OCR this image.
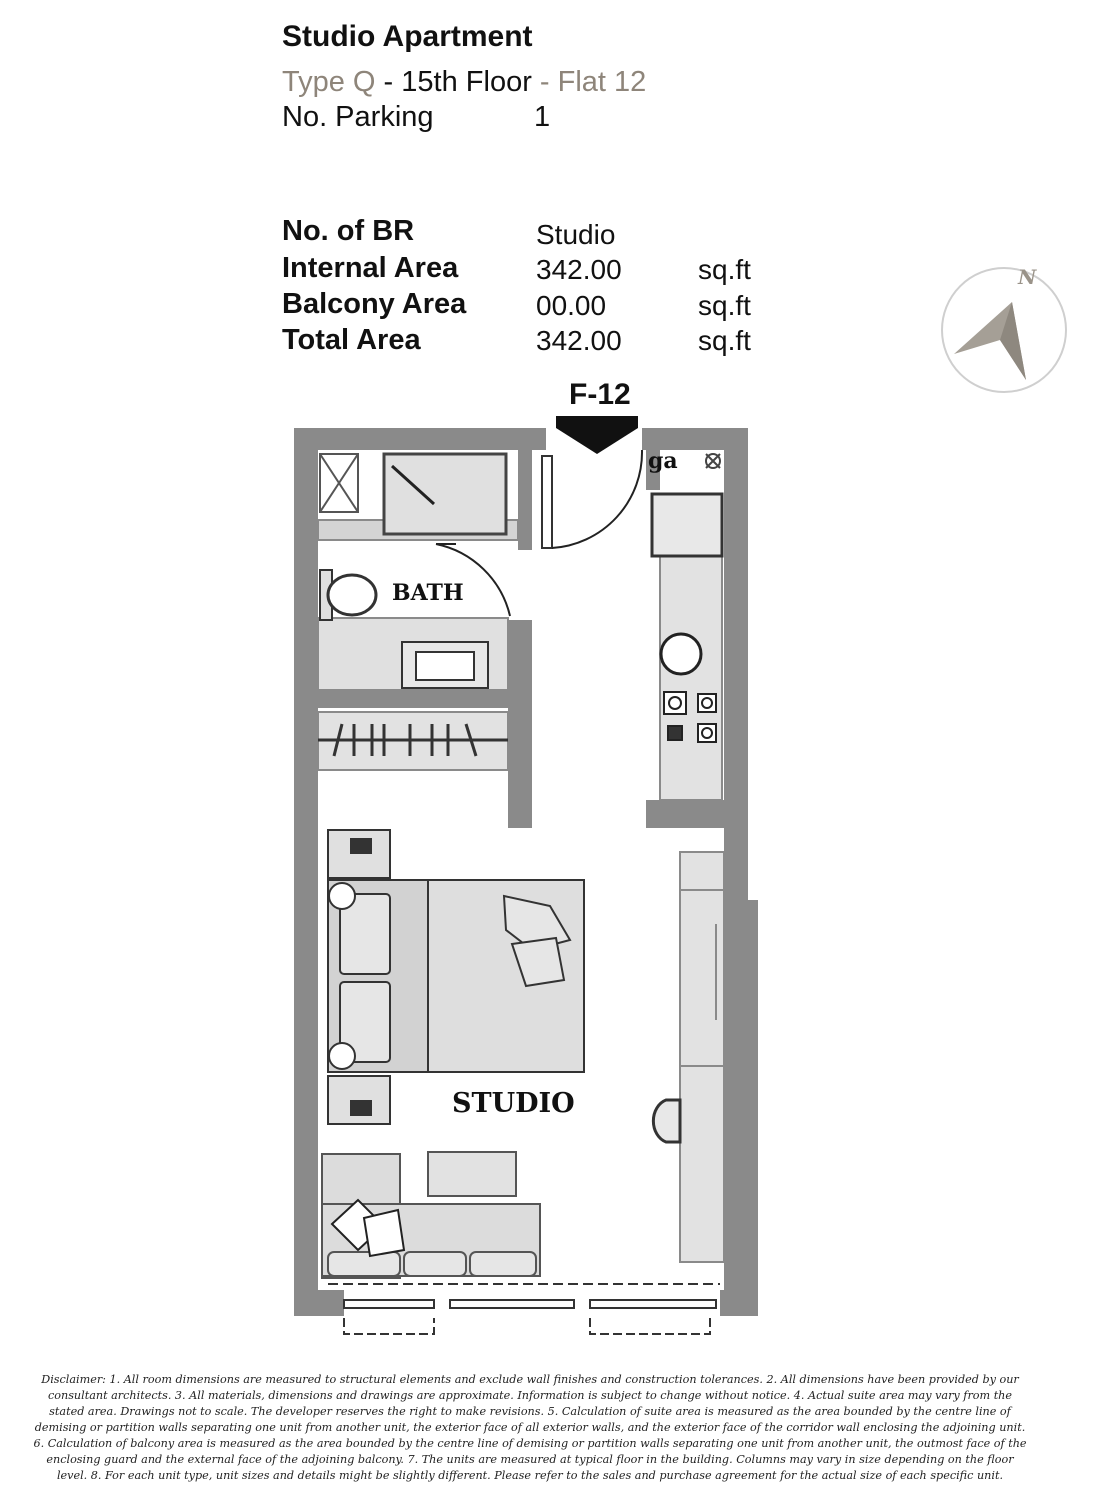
Studio Apartment
Type Q - 15th Floor - Flat 12
No. Parking	1
No. of BR	Studio
Internal Area	342.00	sq.ft
Balcony Area 00.00	sq.ft
Total Area	342.00	sq.ft
N
F-12
BATH
ga
STUDIO
Disclaimer: 1. All room dimensions are measured to structural elements and exclude wall finishes and construction tolerances. 2. All dimensions have been provided by our consultant architects. 3. All materials, dimensions and drawings are approximate. Information is subject to change without notice. 4. Actual suite area may vary from the stated area. Drawings not to scale. The developer reserves the right to make revisions. 5. Calculation of suite area is measured as the area bounded by the centre line of demising or partition walls separating one unit from another unit, the exterior face of all exterior walls, and the exterior face of the corridor wall enclosing the adjoining unit. 6. Calculation of balcony area is measured as the area bounded by the centre line of demising or partition walls separating one unit from another unit, the outmost face of the enclosing guard and the external face of the adjoining balcony. 7. The units are measured at typical floor in the building. Columns may vary in size depending on the floor level. 8. For each unit type, unit sizes and details might be slightly different. Please refer to the sales and purchase agreement for the actual size of each specific unit.
